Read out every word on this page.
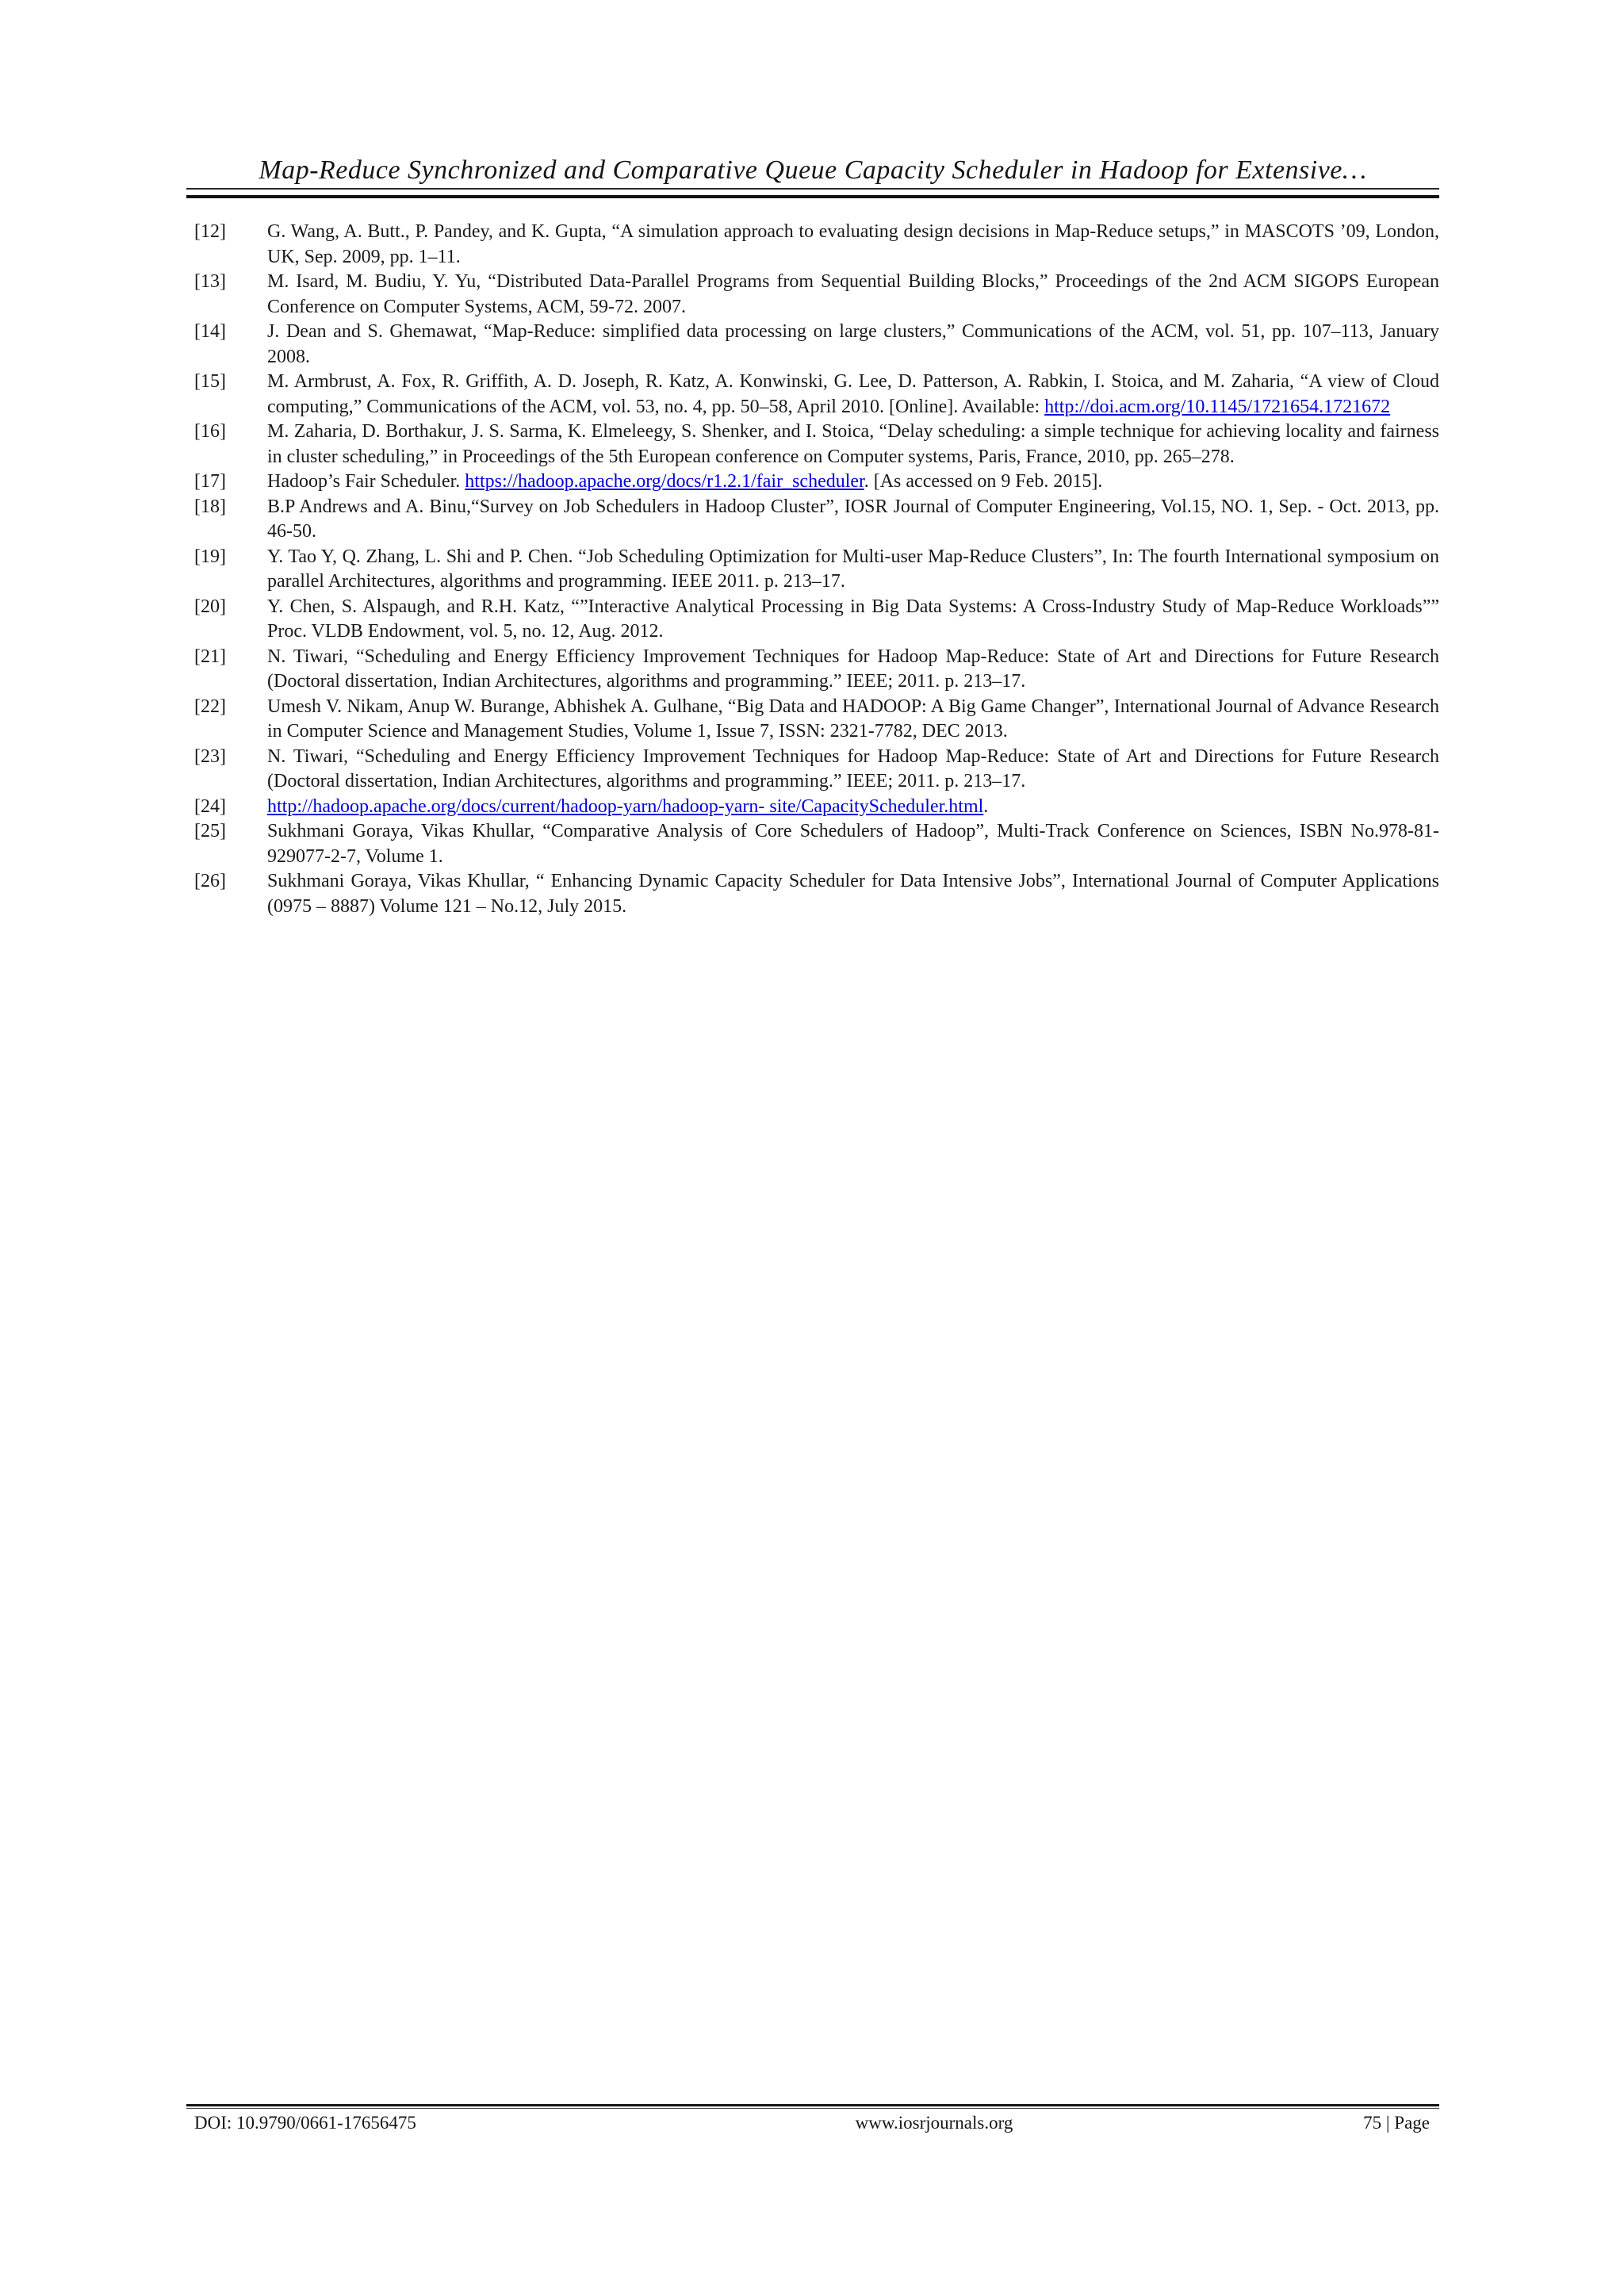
Map-Reduce Synchronized and Comparative Queue Capacity Scheduler in Hadoop for Extensive…
[12] G. Wang, A. Butt., P. Pandey, and K. Gupta, “A simulation approach to evaluating design decisions in Map-Reduce setups,” in MASCOTS ’09, London, UK, Sep. 2009, pp. 1–11.
[13] M. Isard, M. Budiu, Y. Yu, “Distributed Data-Parallel Programs from Sequential Building Blocks,” Proceedings of the 2nd ACM SIGOPS European Conference on Computer Systems, ACM, 59-72. 2007.
[14] J. Dean and S. Ghemawat, “Map-Reduce: simplified data processing on large clusters,” Communications of the ACM, vol. 51, pp. 107–113, January 2008.
[15] M. Armbrust, A. Fox, R. Griffith, A. D. Joseph, R. Katz, A. Konwinski, G. Lee, D. Patterson, A. Rabkin, I. Stoica, and M. Zaharia, “A view of Cloud computing,” Communications of the ACM, vol. 53, no. 4, pp. 50–58, April 2010. [Online]. Available: http://doi.acm.org/10.1145/1721654.1721672
[16] M. Zaharia, D. Borthakur, J. S. Sarma, K. Elmeleegy, S. Shenker, and I. Stoica, “Delay scheduling: a simple technique for achieving locality and fairness in cluster scheduling,” in Proceedings of the 5th European conference on Computer systems, Paris, France, 2010, pp. 265–278.
[17] Hadoop’s Fair Scheduler. https://hadoop.apache.org/docs/r1.2.1/fair_scheduler. [As accessed on 9 Feb. 2015].
[18] B.P Andrews and A. Binu,“Survey on Job Schedulers in Hadoop Cluster”, IOSR Journal of Computer Engineering, Vol.15, NO. 1, Sep. - Oct. 2013, pp. 46-50.
[19] Y. Tao Y, Q. Zhang, L. Shi and P. Chen. “Job Scheduling Optimization for Multi-user Map-Reduce Clusters”, In: The fourth International symposium on parallel Architectures, algorithms and programming. IEEE 2011. p. 213–17.
[20] Y. Chen, S. Alspaugh, and R.H. Katz, “”Interactive Analytical Processing in Big Data Systems: A Cross-Industry Study of Map-Reduce Workloads”” Proc. VLDB Endowment, vol. 5, no. 12, Aug. 2012.
[21] N. Tiwari, “Scheduling and Energy Efficiency Improvement Techniques for Hadoop Map-Reduce: State of Art and Directions for Future Research (Doctoral dissertation, Indian Architectures, algorithms and programming.” IEEE; 2011. p. 213–17.
[22] Umesh V. Nikam, Anup W. Burange, Abhishek A. Gulhane, “Big Data and HADOOP: A Big Game Changer”, International Journal of Advance Research in Computer Science and Management Studies, Volume 1, Issue 7, ISSN: 2321-7782, DEC 2013.
[23] N. Tiwari, “Scheduling and Energy Efficiency Improvement Techniques for Hadoop Map-Reduce: State of Art and Directions for Future Research (Doctoral dissertation, Indian Architectures, algorithms and programming.” IEEE; 2011. p. 213–17.
[24] http://hadoop.apache.org/docs/current/hadoop-yarn/hadoop-yarn- site/CapacityScheduler.html.
[25] Sukhmani Goraya, Vikas Khullar, “Comparative Analysis of Core Schedulers of Hadoop”, Multi-Track Conference on Sciences, ISBN No.978-81-929077-2-7, Volume 1.
[26] Sukhmani Goraya, Vikas Khullar, “ Enhancing Dynamic Capacity Scheduler for Data Intensive Jobs”, International Journal of Computer Applications (0975 – 8887) Volume 121 – No.12, July 2015.
DOI: 10.9790/0661-17656475	www.iosrjournals.org	75 | Page
